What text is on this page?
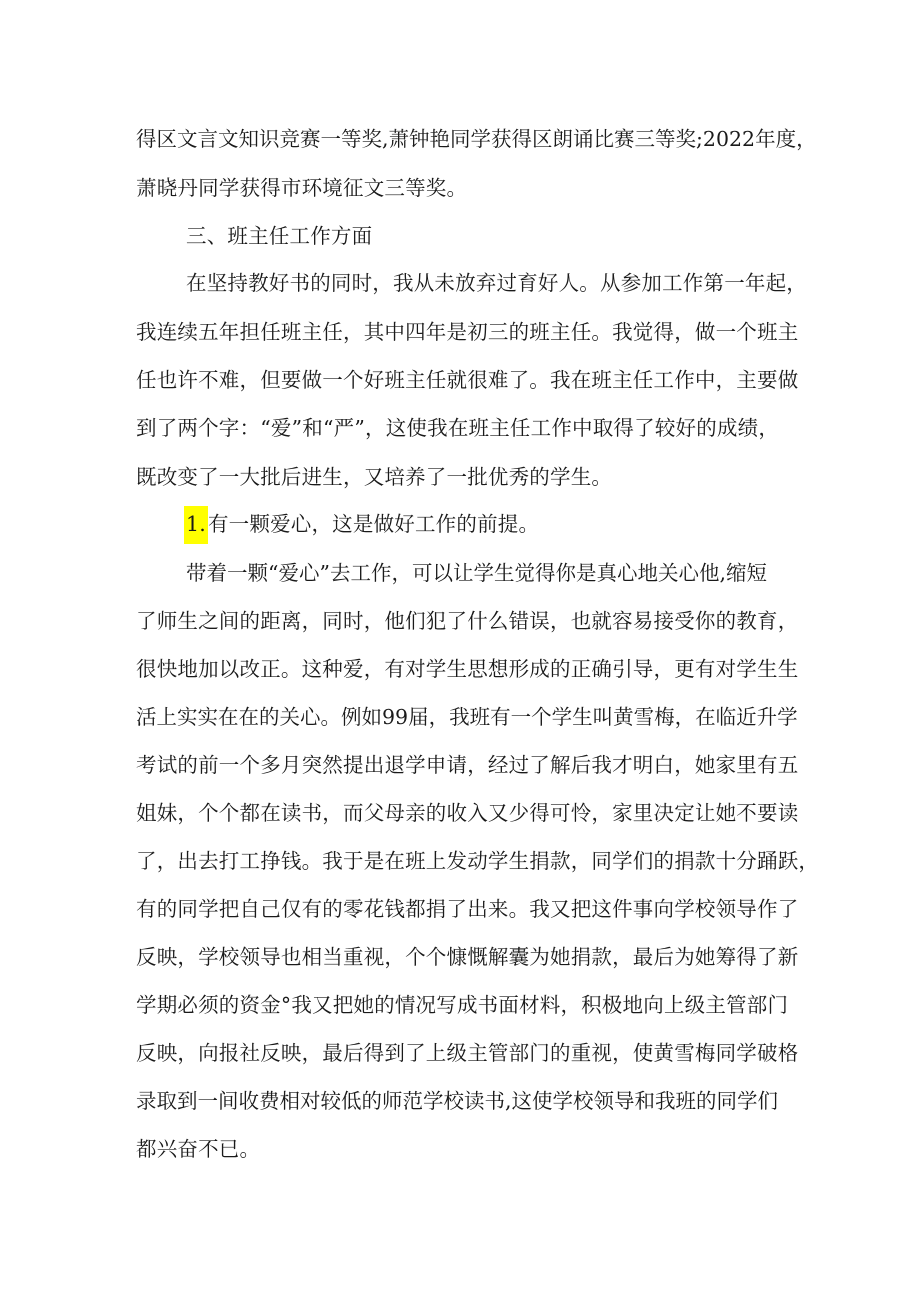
得区文言文知识竞赛一等奖,萧钟艳同学获得区朗诵比赛三等奖;2022年度，
萧晓丹同学获得市环境征文三等奖。
三、班主任工作方面
在坚持教好书的同时，我从未放弃过育好人。从参加工作第一年起，
我连续五年担任班主任，其中四年是初三的班主任。我觉得，做一个班主
任也许不难，但要做一个好班主任就很难了。我在班主任工作中，主要做
到了两个字：“爱”和“严”，这使我在班主任工作中取得了较好的成绩，
既改变了一大批后进生，又培养了一批优秀的学生。
1.有一颗爱心，这是做好工作的前提。
带着一颗“爱心”去工作，可以让学生觉得你是真心地关心他,缩短
了师生之间的距离，同时，他们犯了什么错误，也就容易接受你的教育，
很快地加以改正。这种爱，有对学生思想形成的正确引导，更有对学生生
活上实实在在的关心。例如99届，我班有一个学生叫黄雪梅，在临近升学
考试的前一个多月突然提出退学申请，经过了解后我才明白，她家里有五
姐妹，个个都在读书，而父母亲的收入又少得可怜，家里决定让她不要读
了，出去打工挣钱。我于是在班上发动学生捐款，同学们的捐款十分踊跃，
有的同学把自己仅有的零花钱都捐了出来。我又把这件事向学校领导作了
反映，学校领导也相当重视，个个慷慨解囊为她捐款，最后为她筹得了新
学期必须的资金°我又把她的情况写成书面材料，积极地向上级主管部门
反映，向报社反映，最后得到了上级主管部门的重视，使黄雪梅同学破格
录取到一间收费相对较低的师范学校读书,这使学校领导和我班的同学们
都兴奋不已。
